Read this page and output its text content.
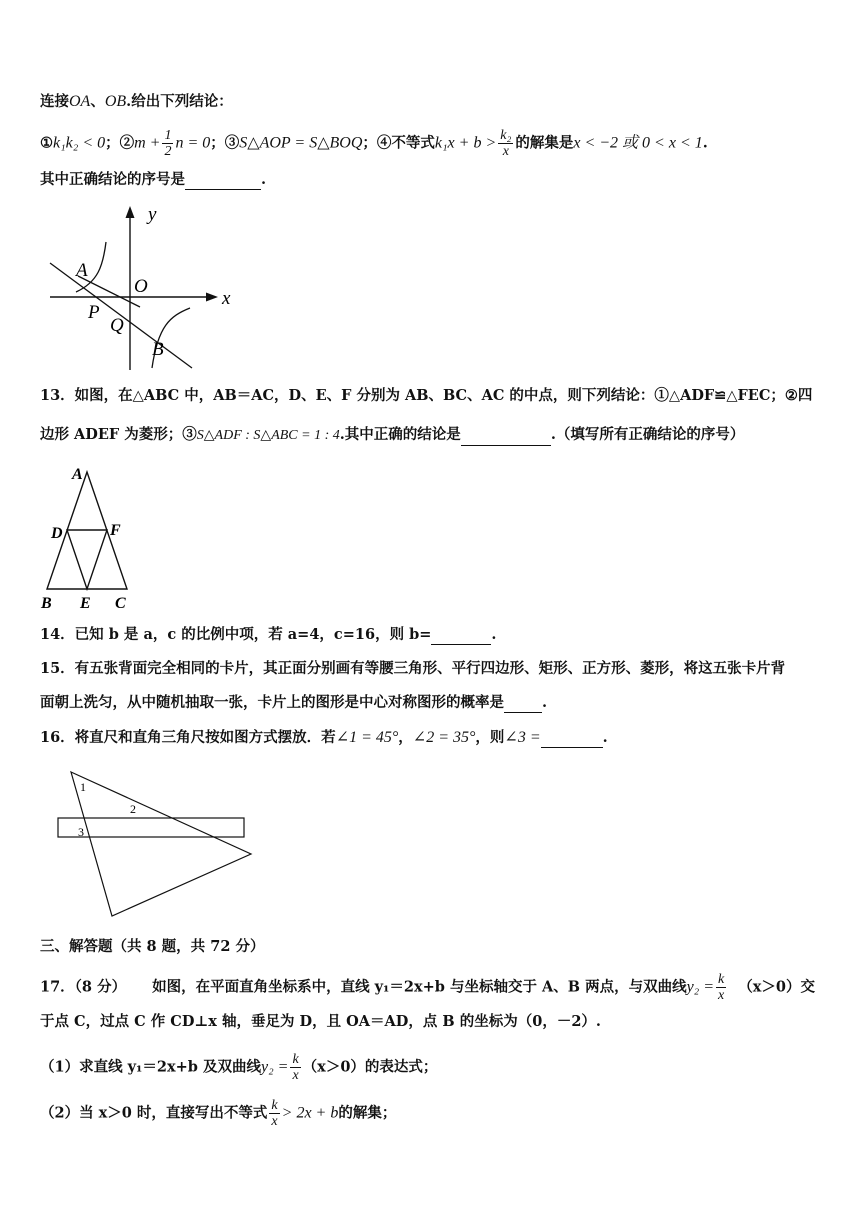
连接OA、OB.给出下列结论：
①k₁k₂ < 0；②m + $\frac{1}{2}$ n = 0；③S△AOP = S△BOQ；④不等式$k_1x + b > \frac{\text{k₂}}{x}$ 的解集是x < −2 或 0 < x < 1.
其中正确结论的序号是	.
y
x
A
O
P
Q
B
13．如图，在△ABC 中，AB＝AC，D、E、F 分别为 AB、BC、AC 的中点，则下列结论：①△ADF≌△FEC；②四
边形 ADEF 为菱形；③S△ADF : S△ABC = 1 : 4.其中正确的结论是	.（填写所有正确结论的序号）
A
D	F
B E C
14．已知 b 是 a，c 的比例中项，若 a=4，c=16，则 b=	.
15．有五张背面完全相同的卡片，其正面分别画有等腰三角形、平行四边形、矩形、正方形、菱形，将这五张卡片背
面朝上洗匀，从中随机抽取一张，卡片上的图形是中心对称图形的概率是	.
16．将直尺和直角三角尺按如图方式摆放．若∠1 = 45°，∠2 = 35°，则∠3 =	.
1
2
3
三、解答题（共 8 题，共 72 分）
17．（8 分） 如图，在平面直角坐标系中，直线 y₁＝2x+b 与坐标轴交于 A、B 两点，与双曲线$y_2 = \frac{k}{x} (x>0)$交
于点 C，过点 C 作 CD⊥x 轴，垂足为 D，且 OA＝AD，点 B 的坐标为（0，－2）.
（1）求直线 y₁＝2x+b 及双曲线$y_2 = \frac{k}{x} (x>0)$的表达式；
（2）当 x＞0 时，直接写出不等式 $\frac{k}{x} > 2x + b$的解集；
